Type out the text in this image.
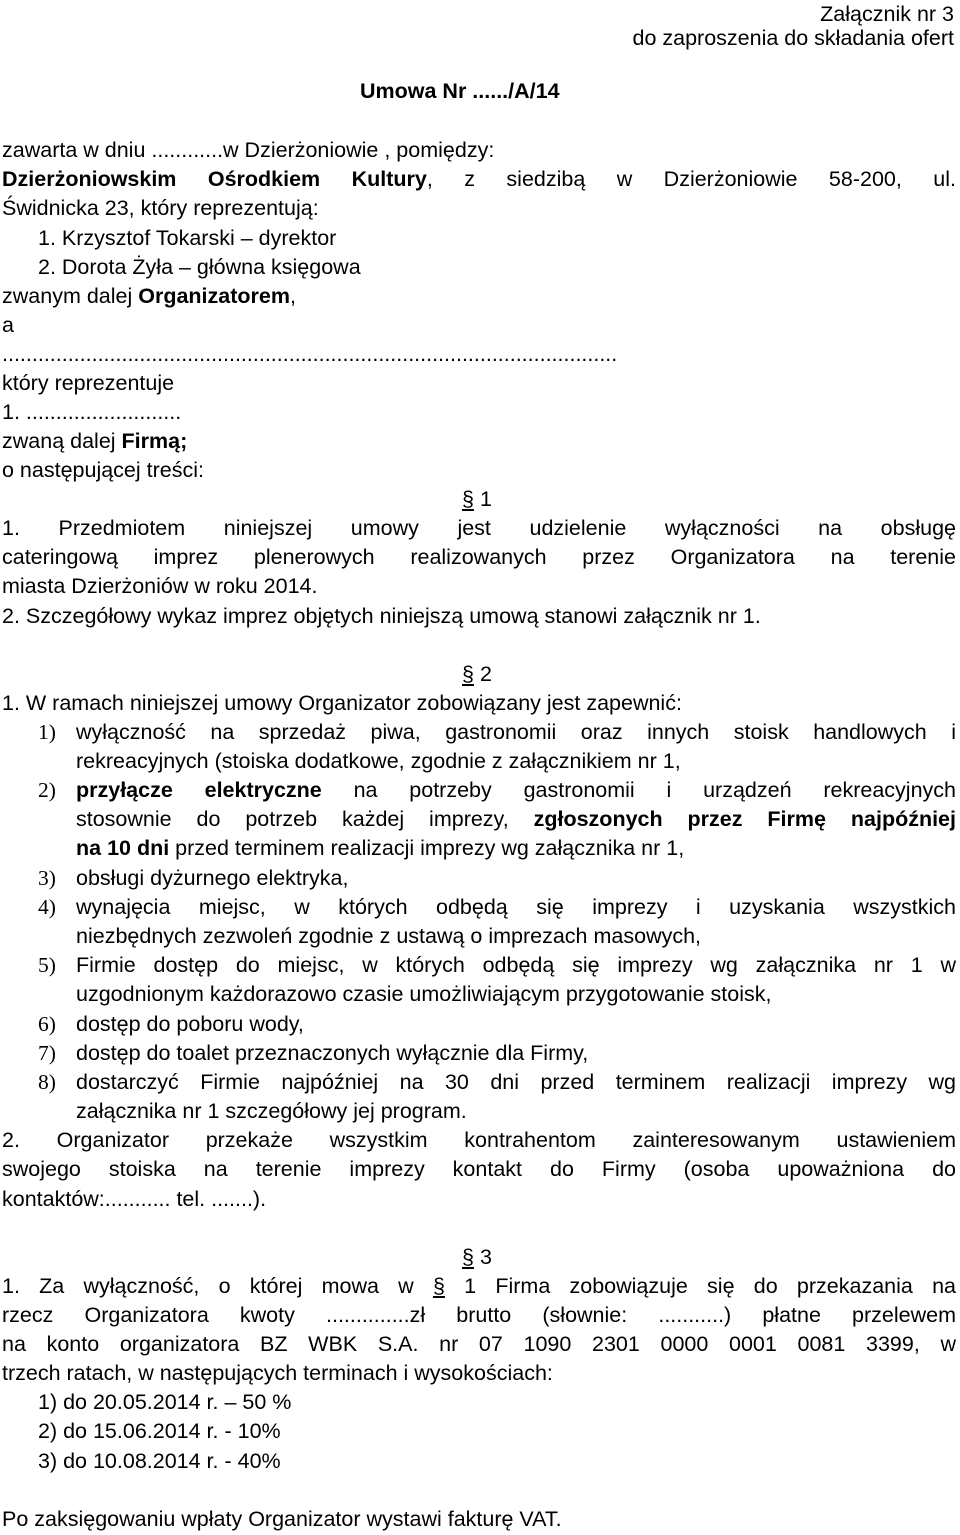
Załącznik nr 3
do zaproszenia do składania ofert
Umowa Nr ....../A/14
zawarta w dniu ............w Dzierżoniowie , pomiędzy:
Dzierżoniowskim Ośrodkiem Kultury, z siedzibą w Dzierżoniowie 58-200, ul.
Świdnicka 23, który reprezentują:
1. Krzysztof Tokarski – dyrektor
2. Dorota Żyła – główna księgowa
zwanym dalej Organizatorem,
a
.......................................................................................................
który reprezentuje
1. ..........................
zwaną dalej Firmą;
o następującej treści:
§ 1
1. Przedmiotem niniejszej umowy jest udzielenie wyłączności na obsługę
cateringową imprez plenerowych realizowanych przez Organizatora na terenie
miasta Dzierżoniów w roku 2014.
2. Szczegółowy wykaz imprez objętych niniejszą umową stanowi załącznik nr 1.
§ 2
1. W ramach niniejszej umowy Organizator zobowiązany jest zapewnić:
1) wyłączność na sprzedaż piwa, gastronomii oraz innych stoisk handlowych i
rekreacyjnych (stoiska dodatkowe, zgodnie z załącznikiem nr 1,
2) przyłącze elektryczne na potrzeby gastronomii i urządzeń rekreacyjnych
stosownie do potrzeb każdej imprezy, zgłoszonych przez Firmę najpóźniej
na 10 dni przed terminem realizacji imprezy wg załącznika nr 1,
3) obsługi dyżurnego elektryka,
4) wynajęcia miejsc, w których odbędą się imprezy i uzyskania wszystkich
niezbędnych zezwoleń zgodnie z ustawą o imprezach masowych,
5) Firmie dostęp do miejsc, w których odbędą się imprezy wg załącznika nr 1 w
uzgodnionym każdorazowo czasie umożliwiającym przygotowanie stoisk,
6) dostęp do poboru wody,
7) dostęp do toalet przeznaczonych wyłącznie dla Firmy,
8) dostarczyć Firmie najpóźniej na 30 dni przed terminem realizacji imprezy wg
załącznika nr 1 szczegółowy jej program.
2. Organizator przekaże wszystkim kontrahentom zainteresowanym ustawieniem
swojego stoiska na terenie imprezy kontakt do Firmy (osoba upoważniona do
kontaktów:........... tel. .......).
§ 3
1. Za wyłączność, o której mowa w § 1 Firma zobowiązuje się do przekazania na
rzecz Organizatora kwoty ..............zł brutto (słownie: ...........) płatne przelewem
na konto organizatora BZ WBK S.A. nr 07 1090 2301 0000 0001 0081 3399, w
trzech ratach, w następujących terminach i wysokościach:
1) do 20.05.2014 r. – 50 %
2) do 15.06.2014 r. - 10%
3) do 10.08.2014 r. - 40%
Po zaksięgowaniu wpłaty Organizator wystawi fakturę VAT.
